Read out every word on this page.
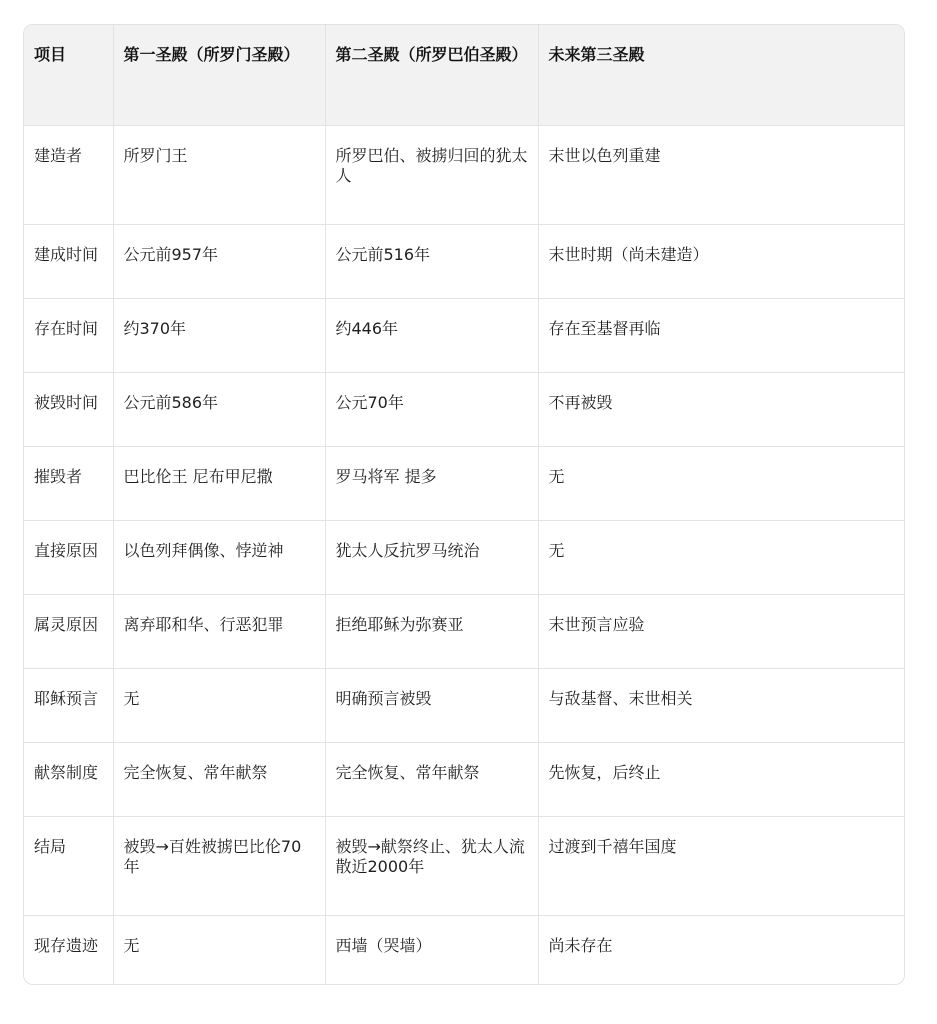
项目	第一圣殿（所罗门圣殿）	第二圣殿（所罗巴伯圣殿）	未来第三圣殿
建造者	所罗门王	所罗巴伯、被掳归回的犹太人	末世以色列重建
建成时间	公元前957年	公元前516年	末世时期（尚未建造）
存在时间	约370年	约446年	存在至基督再临
被毁时间	公元前586年	公元70年	不再被毁
摧毁者	巴比伦王 尼布甲尼撒	罗马将军 提多	无
直接原因	以色列拜偶像、悖逆神	犹太人反抗罗马统治	无
属灵原因	离弃耶和华、行恶犯罪	拒绝耶稣为弥赛亚	末世预言应验
耶稣预言	无	明确预言被毁	与敌基督、末世相关
献祭制度	完全恢复、常年献祭	完全恢复、常年献祭	先恢复，后终止
结局	被毁→百姓被掳巴比伦70年	被毁→献祭终止、犹太人流散近2000年	过渡到千禧年国度
现存遗迹	无	西墙（哭墙）	尚未存在
